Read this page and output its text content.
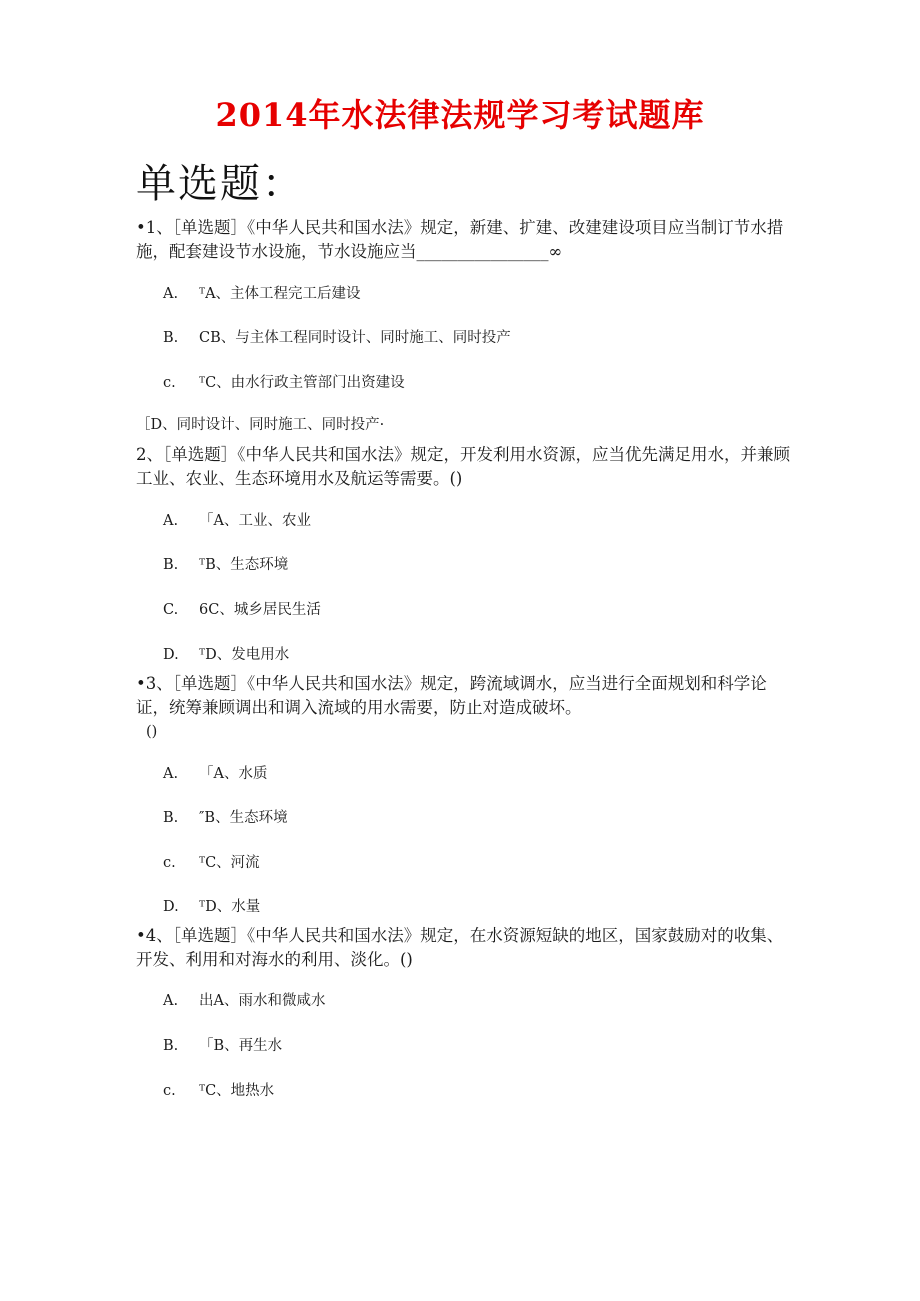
2014年水法律法规学习考试题库
单选题：
•1、［单选题］《中华人民共和国水法》规定，新建、扩建、改建建设项目应当制订节水措施，配套建设节水设施，节水设施应当________________∞
A. ᵀA、主体工程完工后建设
B. CB、与主体工程同时设计、同时施工、同时投产
c. ᵀC、由水行政主管部门出资建设
［D、同时设计、同时施工、同时投产·
2、［单选题］《中华人民共和国水法》规定，开发利用水资源，应当优先满足用水，并兼顾工业、农业、生态环境用水及航运等需要。()
A. 「A、工业、农业
B. ᵀB、生态环境
C. 6C、城乡居民生活
D. ᵀD、发电用水
•3、［单选题］《中华人民共和国水法》规定，跨流域调水，应当进行全面规划和科学论证，统筹兼顾调出和调入流域的用水需要，防止对造成破坏。
()
A. 「A、水质
B. ″B、生态环境
c. ᵀC、河流
D. ᵀD、水量
•4、［单选题］《中华人民共和国水法》规定，在水资源短缺的地区，国家鼓励对的收集、开发、利用和对海水的利用、淡化。()
A. 出A、雨水和微咸水
B. 「B、再生水
c. ᵀC、地热水
